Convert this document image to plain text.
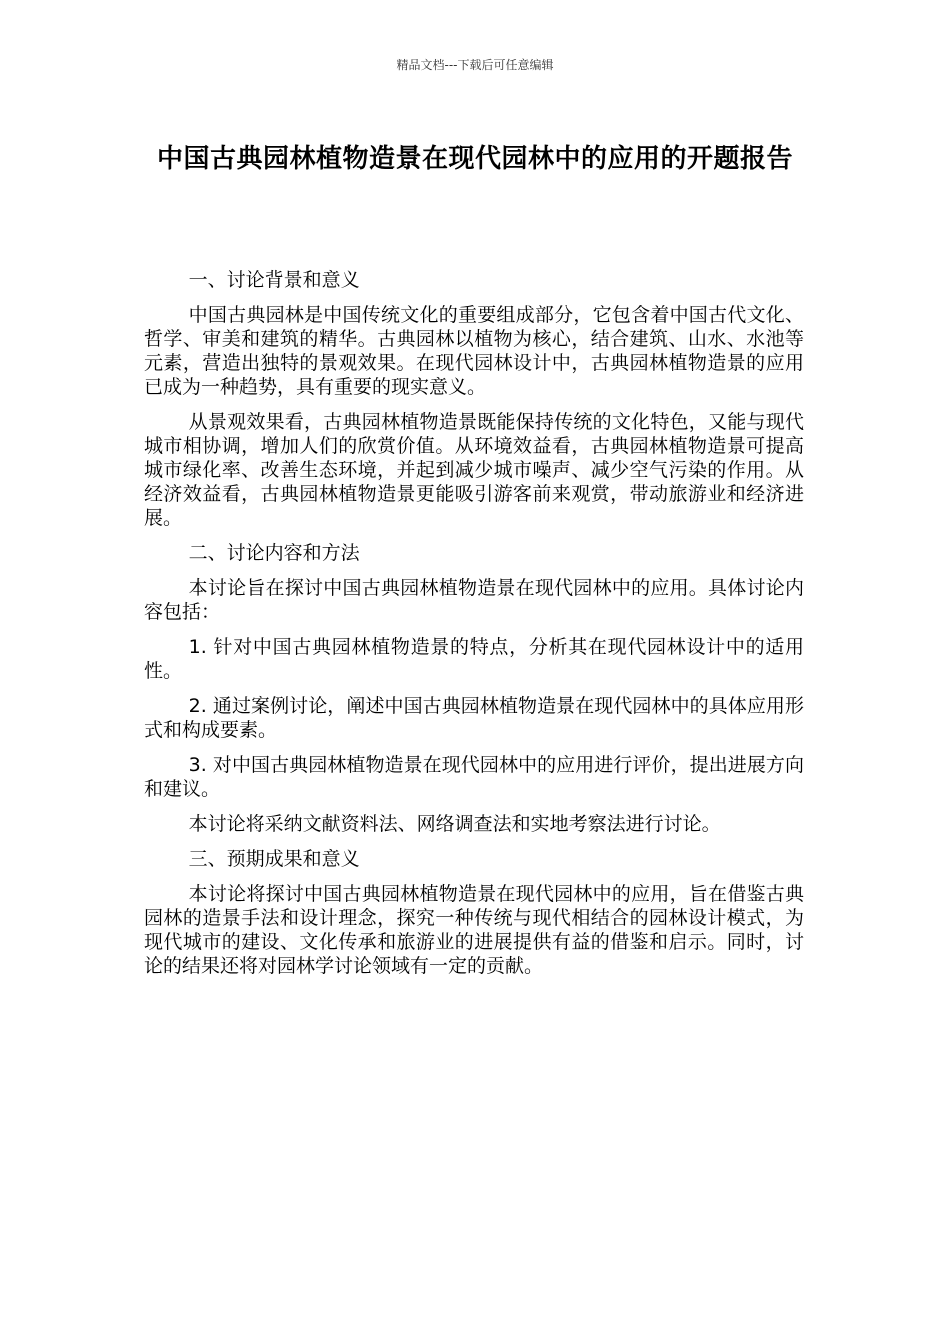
精品文档---下载后可任意编辑
中国古典园林植物造景在现代园林中的应用的开题报告

一、讨论背景和意义

中国古典园林是中国传统文化的重要组成部分，它包含着中国古代文化、哲学、审美和建筑的精华。古典园林以植物为核心，结合建筑、山水、水池等元素，营造出独特的景观效果。在现代园林设计中，古典园林植物造景的应用已成为一种趋势，具有重要的现实意义。

从景观效果看，古典园林植物造景既能保持传统的文化特色，又能与现代城市相协调，增加人们的欣赏价值。从环境效益看，古典园林植物造景可提高城市绿化率、改善生态环境，并起到减少城市噪声、减少空气污染的作用。从经济效益看，古典园林植物造景更能吸引游客前来观赏，带动旅游业和经济进展。

二、讨论内容和方法

本讨论旨在探讨中国古典园林植物造景在现代园林中的应用。具体讨论内容包括：

1. 针对中国古典园林植物造景的特点，分析其在现代园林设计中的适用性。

2. 通过案例讨论，阐述中国古典园林植物造景在现代园林中的具体应用形式和构成要素。

3. 对中国古典园林植物造景在现代园林中的应用进行评价，提出进展方向和建议。

本讨论将采纳文献资料法、网络调查法和实地考察法进行讨论。

三、预期成果和意义

本讨论将探讨中国古典园林植物造景在现代园林中的应用，旨在借鉴古典园林的造景手法和设计理念，探究一种传统与现代相结合的园林设计模式，为现代城市的建设、文化传承和旅游业的进展提供有益的借鉴和启示。同时，讨论的结果还将对园林学讨论领域有一定的贡献。
